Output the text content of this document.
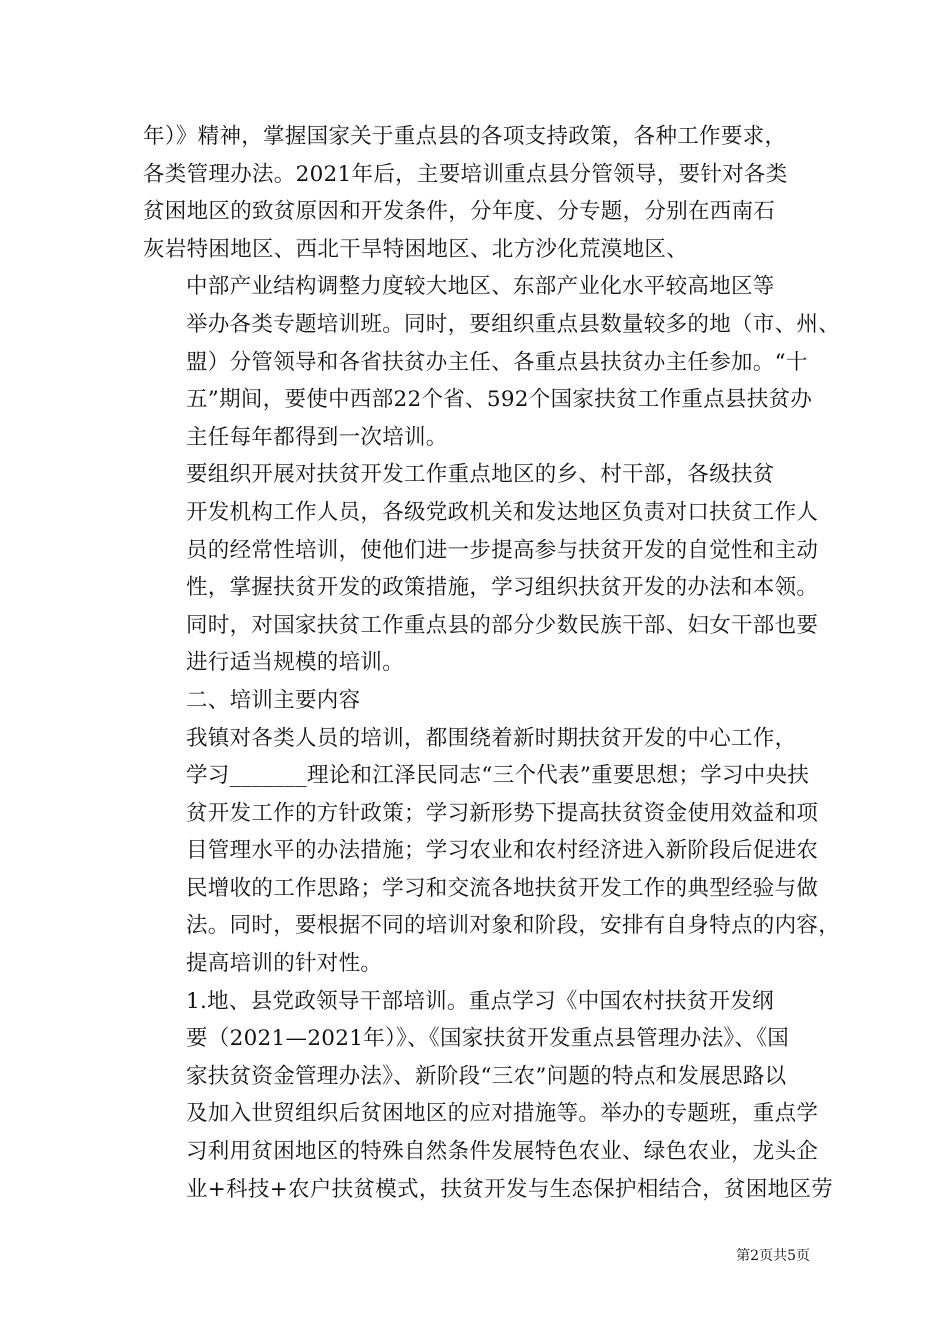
年）》精神，掌握国家关于重点县的各项支持政策，各种工作要求，
各类管理办法。2021年后，主要培训重点县分管领导，要针对各类
贫困地区的致贫原因和开发条件，分年度、分专题，分别在西南石
灰岩特困地区、西北干旱特困地区、北方沙化荒漠地区、

中部产业结构调整力度较大地区、东部产业化水平较高地区等
举办各类专题培训班。同时，要组织重点县数量较多的地（市、州、
盟）分管领导和各省扶贫办主任、各重点县扶贫办主任参加。“十
五”期间，要使中西部22个省、592个国家扶贫工作重点县扶贫办
主任每年都得到一次培训。

要组织开展对扶贫开发工作重点地区的乡、村干部，各级扶贫
开发机构工作人员，各级党政机关和发达地区负责对口扶贫工作人
员的经常性培训，使他们进一步提高参与扶贫开发的自觉性和主动
性，掌握扶贫开发的政策措施，学习组织扶贫开发的办法和本领。
同时，对国家扶贫工作重点县的部分少数民族干部、妇女干部也要
进行适当规模的培训。

二、培训主要内容

我镇对各类人员的培训，都围绕着新时期扶贫开发的中心工作，
学习_______理论和江泽民同志“三个代表”重要思想；学习中央扶
贫开发工作的方针政策；学习新形势下提高扶贫资金使用效益和项
目管理水平的办法措施；学习农业和农村经济进入新阶段后促进农
民增收的工作思路；学习和交流各地扶贫开发工作的典型经验与做
法。同时，要根据不同的培训对象和阶段，安排有自身特点的内容，
提高培训的针对性。

1.地、县党政领导干部培训。重点学习《中国农村扶贫开发纲
要（2021—2021年）》、《国家扶贫开发重点县管理办法》、《国
家扶贫资金管理办法》、新阶段“三农”问题的特点和发展思路以
及加入世贸组织后贫困地区的应对措施等。举办的专题班，重点学
习利用贫困地区的特殊自然条件发展特色农业、绿色农业，龙头企
业+科技+农户扶贫模式，扶贫开发与生态保护相结合，贫困地区劳

第2页共5页
